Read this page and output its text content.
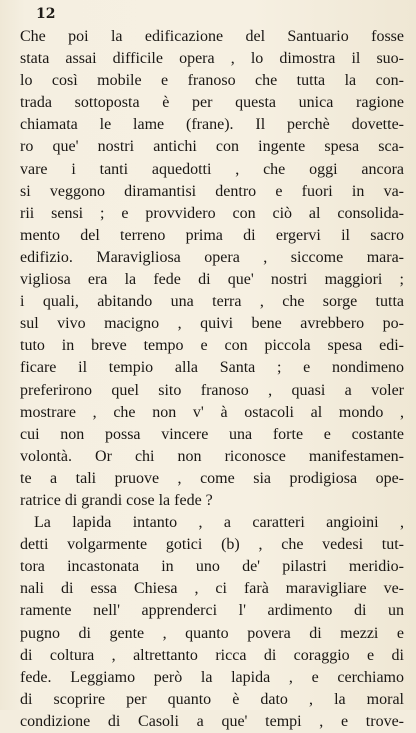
12
Che poi la edificazione del Santuario fosse
stata assai difficile opera , lo dimostra il suo-
lo così mobile e franoso che tutta la con-
trada sottoposta è per questa unica ragione
chiamata le lame (frane). Il perchè dovette-
ro que' nostri antichi con ingente spesa sca-
vare i tanti aquedotti , che oggi ancora
si veggono diramantisi dentro e fuori in va-
rii sensi ; e provvidero con ciò al consolida-
mento del terreno prima di ergervi il sacro
edifizio. Maravigliosa opera , siccome mara-
vigliosa era la fede di que' nostri maggiori ;
i quali, abitando una terra , che sorge tutta
sul vivo macigno , quivi bene avrebbero po-
tuto in breve tempo e con piccola spesa edi-
ficare il tempio alla Santa ; e nondimeno
preferirono quel sito franoso , quasi a voler
mostrare , che non v' à ostacoli al mondo ,
cui non possa vincere una forte e costante
volontà. Or chi non riconosce manifestamen-
te a tali pruove , come sia prodigiosa ope-
ratrice di grandi cose la fede ?
La lapida intanto , a caratteri angioini ,
detti volgarmente gotici (b) , che vedesi tut-
tora incastonata in uno de' pilastri meridio-
nali di essa Chiesa , ci farà maravigliare ve-
ramente nell' apprenderci l' ardimento di un
pugno di gente , quanto povera di mezzi e
di coltura , altrettanto ricca di coraggio e di
fede. Leggiamo però la lapida , e cerchiamo
di scoprire per quanto è dato , la moral
condizione di Casoli a que' tempi , e trove-
